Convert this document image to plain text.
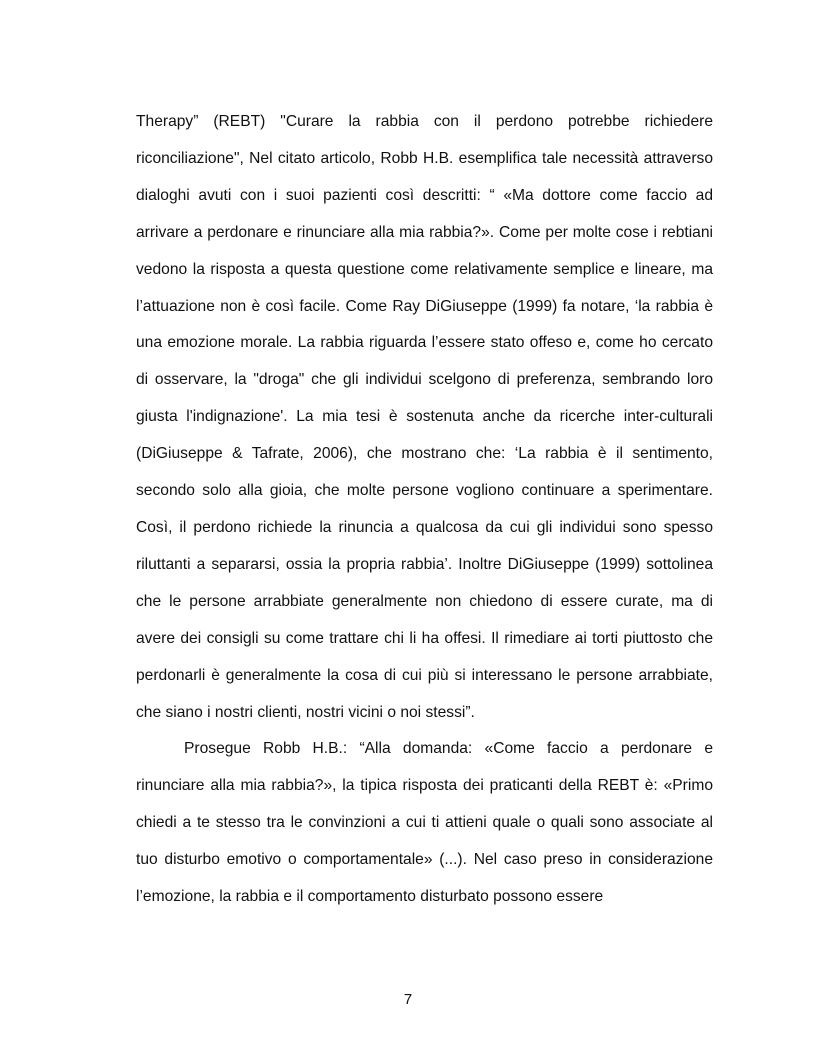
Therapy” (REBT) "Curare la rabbia con il perdono potrebbe richiedere riconciliazione", Nel citato articolo, Robb H.B. esemplifica tale necessità attraverso dialoghi avuti con i suoi pazienti così descritti: “ «Ma dottore come faccio ad arrivare a perdonare e rinunciare alla mia rabbia?». Come per molte cose i rebtiani vedono la risposta a questa questione come relativamente semplice e lineare, ma l’attuazione non è così facile. Come Ray DiGiuseppe (1999) fa notare, ‘la rabbia è una emozione morale. La rabbia riguarda l’essere stato offeso e, come ho cercato di osservare, la "droga" che gli individui scelgono di preferenza, sembrando loro giusta l'indignazione'. La mia tesi è sostenuta anche da ricerche inter-culturali (DiGiuseppe & Tafrate, 2006), che mostrano che: ‘La rabbia è il sentimento, secondo solo alla gioia, che molte persone vogliono continuare a sperimentare. Così, il perdono richiede la rinuncia a qualcosa da cui gli individui sono spesso riluttanti a separarsi, ossia la propria rabbia’. Inoltre DiGiuseppe (1999) sottolinea che le persone arrabbiate generalmente non chiedono di essere curate, ma di avere dei consigli su come trattare chi li ha offesi. Il rimediare ai torti piuttosto che perdonarli è generalmente la cosa di cui più si interessano le persone arrabbiate, che siano i nostri clienti, nostri vicini o noi stessi”.

Prosegue Robb H.B.: “Alla domanda: «Come faccio a perdonare e rinunciare alla mia rabbia?», la tipica risposta dei praticanti della REBT è: «Primo chiedi a te stesso tra le convinzioni a cui ti attieni quale o quali sono associate al tuo disturbo emotivo o comportamentale» (...). Nel caso preso in considerazione l’emozione, la rabbia e il comportamento disturbato possono essere

7
